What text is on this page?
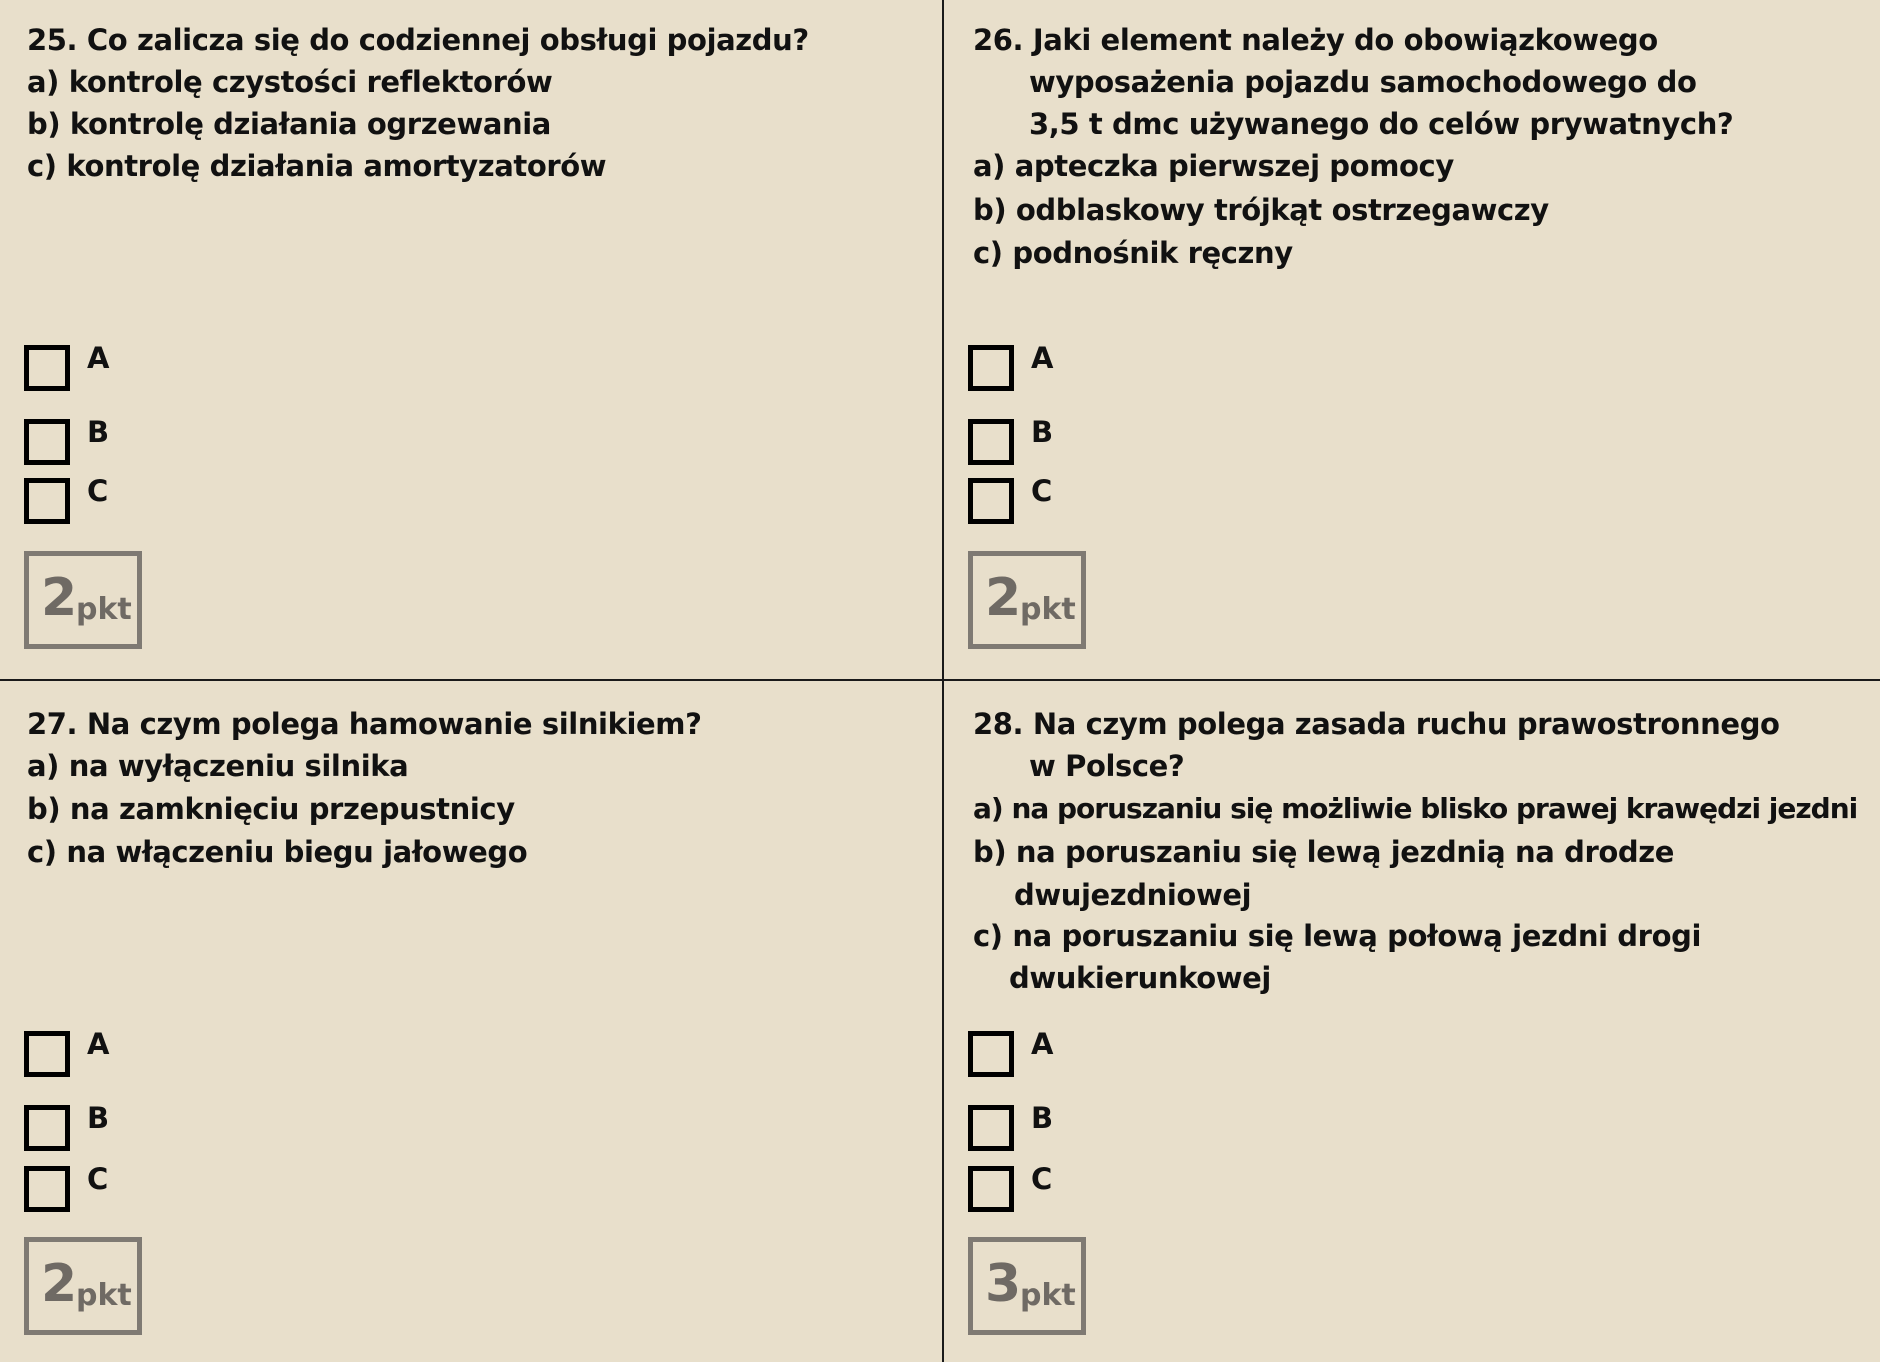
25. Co zalicza się do codziennej obsługi pojazdu?
a) kontrolę czystości reflektorów
b) kontrolę działania ogrzewania
c) kontrolę działania amortyzatorów
A
B
C
2
pkt
26. Jaki element należy do obowiązkowego
wyposażenia pojazdu samochodowego do
3,5 t dmc używanego do celów prywatnych?
a) apteczka pierwszej pomocy
b) odblaskowy trójkąt ostrzegawczy
c) podnośnik ręczny
A
B
C
2
pkt
27. Na czym polega hamowanie silnikiem?
a) na wyłączeniu silnika
b) na zamknięciu przepustnicy
c) na włączeniu biegu jałowego
A
B
C
2
pkt
28. Na czym polega zasada ruchu prawostronnego
w Polsce?
a) na poruszaniu się możliwie blisko prawej krawędzi jezdni
b) na poruszaniu się lewą jezdnią na drodze
dwujezdniowej
c) na poruszaniu się lewą połową jezdni drogi
dwukierunkowej
A
B
C
3
pkt
